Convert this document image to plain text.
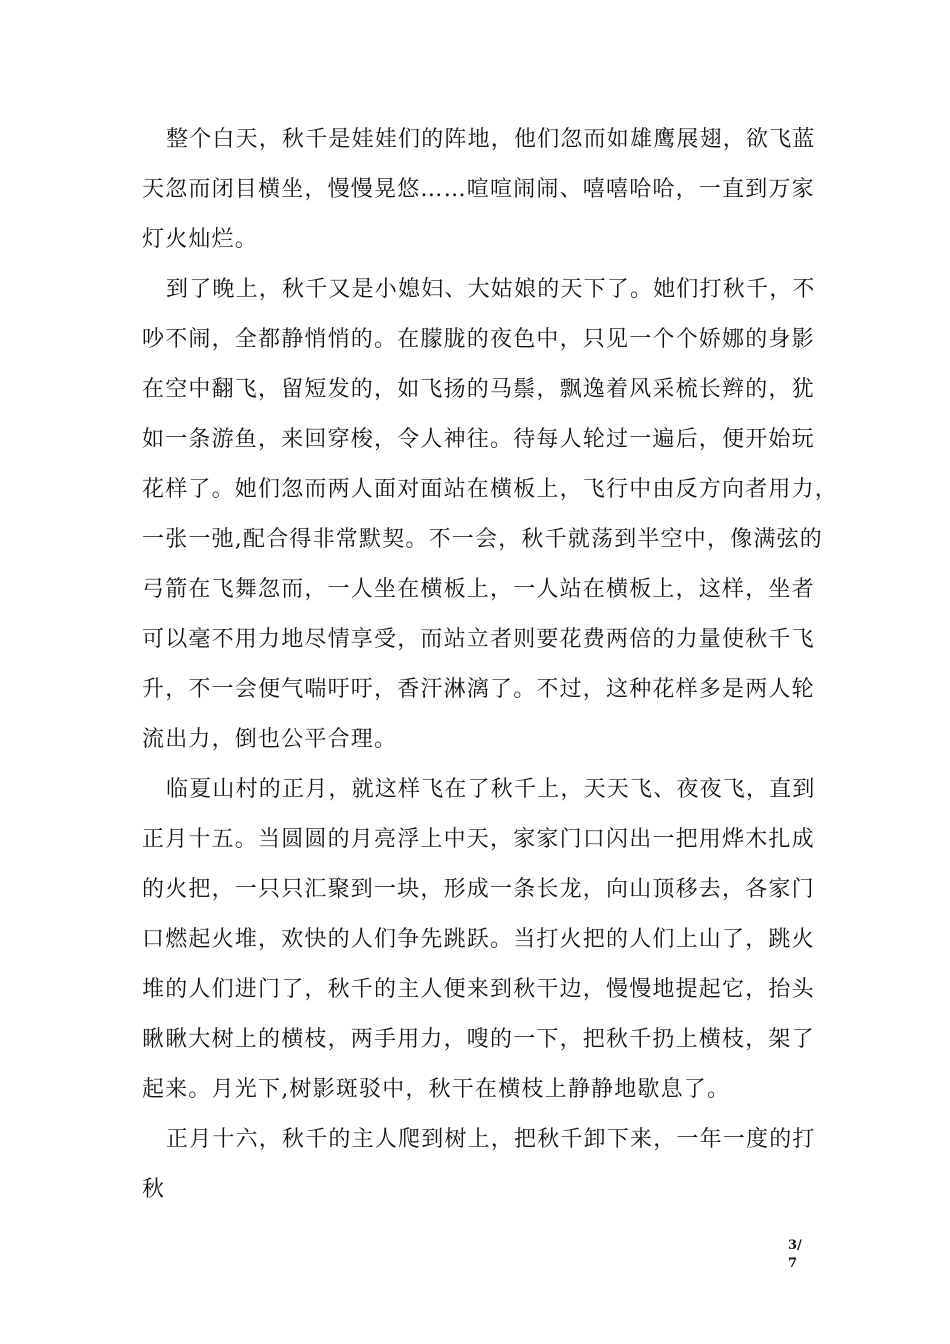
整个白天，秋千是娃娃们的阵地，他们忽而如雄鹰展翅，欲飞蓝
天忽而闭目横坐，慢慢晃悠……喧喧闹闹、嘻嘻哈哈，一直到万家
灯火灿烂。
到了晚上，秋千又是小媳妇、大姑娘的天下了。她们打秋千，不
吵不闹，全都静悄悄的。在朦胧的夜色中，只见一个个娇娜的身影
在空中翻飞，留短发的，如飞扬的马鬃，飘逸着风采梳长辫的，犹
如一条游鱼，来回穿梭，令人神往。待每人轮过一遍后，便开始玩
花样了。她们忽而两人面对面站在横板上，飞行中由反方向者用力，
一张一弛,配合得非常默契。不一会，秋千就荡到半空中，像满弦的
弓箭在飞舞忽而，一人坐在横板上，一人站在横板上，这样，坐者
可以毫不用力地尽情享受，而站立者则要花费两倍的力量使秋千飞
升，不一会便气喘吁吁，香汗淋漓了。不过，这种花样多是两人轮
流出力，倒也公平合理。
临夏山村的正月，就这样飞在了秋千上，天天飞、夜夜飞，直到
正月十五。当圆圆的月亮浮上中天，家家门口闪出一把用烨木扎成
的火把，一只只汇聚到一块，形成一条长龙，向山顶移去，各家门
口燃起火堆，欢快的人们争先跳跃。当打火把的人们上山了，跳火
堆的人们进门了，秋千的主人便来到秋干边，慢慢地提起它，抬头
瞅瞅大树上的横枝，两手用力，嗖的一下，把秋千扔上横枝，架了
起来。月光下,树影斑驳中，秋干在横枝上静静地歇息了。
正月十六，秋千的主人爬到树上，把秋千卸下来，一年一度的打
秋
3/
7
